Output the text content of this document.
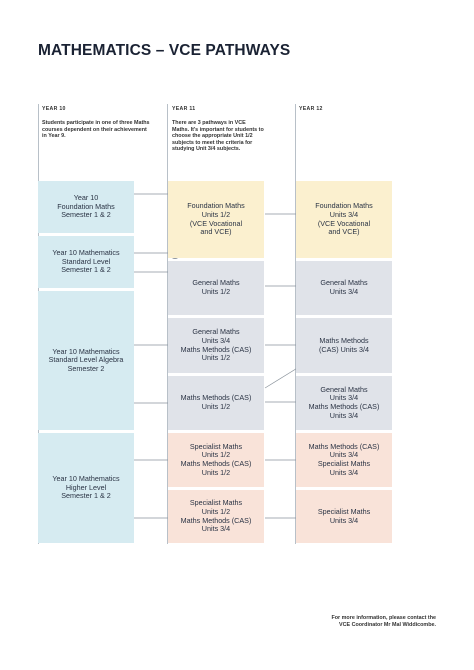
MATHEMATICS – VCE PATHWAYS
YEAR 10	YEAR 11	YEAR 12
Students participate in one of three Maths courses dependent on their achievement in Year 9.
There are 3 pathways in VCE Maths. It’s important for students to choose the appropriate Unit 1/2 subjects to meet the criteria for studying Unit 3/4 subjects.
Year 10
Foundation Maths
Semester 1 & 2
Year 10 Mathematics
Standard Level
Semester 1 & 2
Year 10 Mathematics
Standard Level Algebra
Semester 2
Year 10 Mathematics
Higher Level
Semester 1 & 2
Foundation Maths
Units 1/2
(VCE Vocational
and VCE)
General Maths
Units 1/2
General Maths
Units 3/4
Maths Methods (CAS)
Units 1/2
Maths Methods (CAS)
Units 1/2
Specialist Maths
Units 1/2
Maths Methods (CAS)
Units 1/2
Specialist Maths
Units 1/2
Maths Methods (CAS)
Units 3/4
Foundation Maths
Units 3/4
(VCE Vocational
and VCE)
General Maths
Units 3/4
Maths Methods
(CAS) Units 3/4
General Maths
Units 3/4
Maths Methods (CAS)
Units 3/4
Maths Methods (CAS)
Units 3/4
Specialist Maths
Units 3/4
Specialist Maths
Units 3/4
For more information, please contact the
VCE Coordinator Mr Mal Widdicombe.
